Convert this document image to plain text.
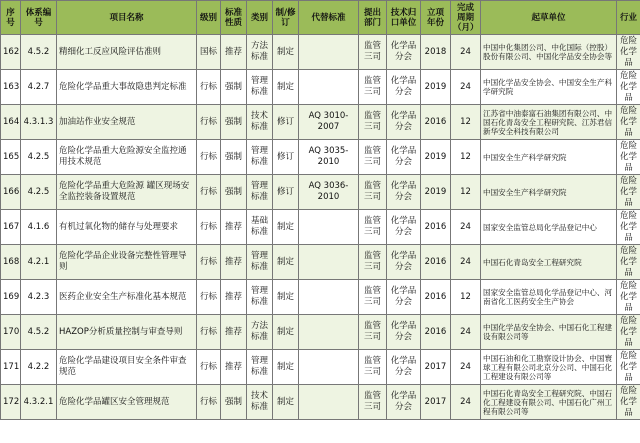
序号	体系编号	项目名称	级别	标准性质	类别	制/修订	代替标准	提出部门	技术归口单位	立项年份	完成周期（月）	起草单位	行业
162	4.5.2	精细化工反应风险评估准则	国标	推荐	方法标准	制定		监管三司	化学品分会	2018	24	中国中化集团公司、中化国际（控股）股份有限公司、中国化学品安全协会等	危险化学品
163	4.2.7	危险化学品重大事故隐患判定标准	行标	强制	管理标准	制定		监管三司	化学品分会	2019	24	中国化学品安全协会、中国安全生产科学研究院	危险化学品
164	4.3.1.3	加油站作业安全规范	行标	强制	技术标准	修订	AQ 3010-2007	监管三司	化学品分会	2016	12	江苏省中油泰富石油集团有限公司、中国石化青岛安全工程研究院、江苏君信新华安全科技有限公司	危险化学品
165	4.2.5	危险化学品重大危险源安全监控通用技术规范	行标	强制	管理标准	修订	AQ 3035-2010	监管三司	化学品分会	2019	12	中国安全生产科学研究院	危险化学品
166	4.2.5	危险化学品重大危险源 罐区现场安全监控装备设置规范	行标	强制	管理标准	修订	AQ 3036-2010	监管三司	化学品分会	2019	12	中国安全生产科学研究院	危险化学品
167	4.1.6	有机过氧化物的储存与处理要求	行标	推荐	基础标准	制定		监管三司	化学品分会	2016	24	国家安全监管总局化学品登记中心	危险化学品
168	4.2.1	危险化学品企业设备完整性管理导则	行标	推荐	管理标准	制定		监管三司	化学品分会	2016	24	中国石化青岛安全工程研究院	危险化学品
169	4.2.3	医药企业安全生产标准化基本规范	行标	推荐	管理标准	制定		监管三司	化学品分会	2016	12	国家安全监管总局化学品登记中心、河南省化工医药安全生产协会	危险化学品
170	4.5.2	HAZOP分析质量控制与审查导则	行标	推荐	方法标准	制定		监管三司	化学品分会	2016	24	中国化学品安全协会、中国石化工程建设有限公司等	危险化学品
171	4.2.2	危险化学品建设项目安全条件审查规范	行标	推荐	管理标准	制定		监管三司	化学品分会	2017	24	中国石油和化工勘察设计协会、中国寰球工程有限公司北京分公司、中国石化工程建设有限公司等	危险化学品
172	4.3.2.1	危险化学品罐区安全管理规范	行标	强制	技术标准	制定		监管三司	化学品分会	2017	24	中国石化青岛安全工程研究院、中国石化工程建设有限公司、中国石化广州工程有限公司等	危险化学品
